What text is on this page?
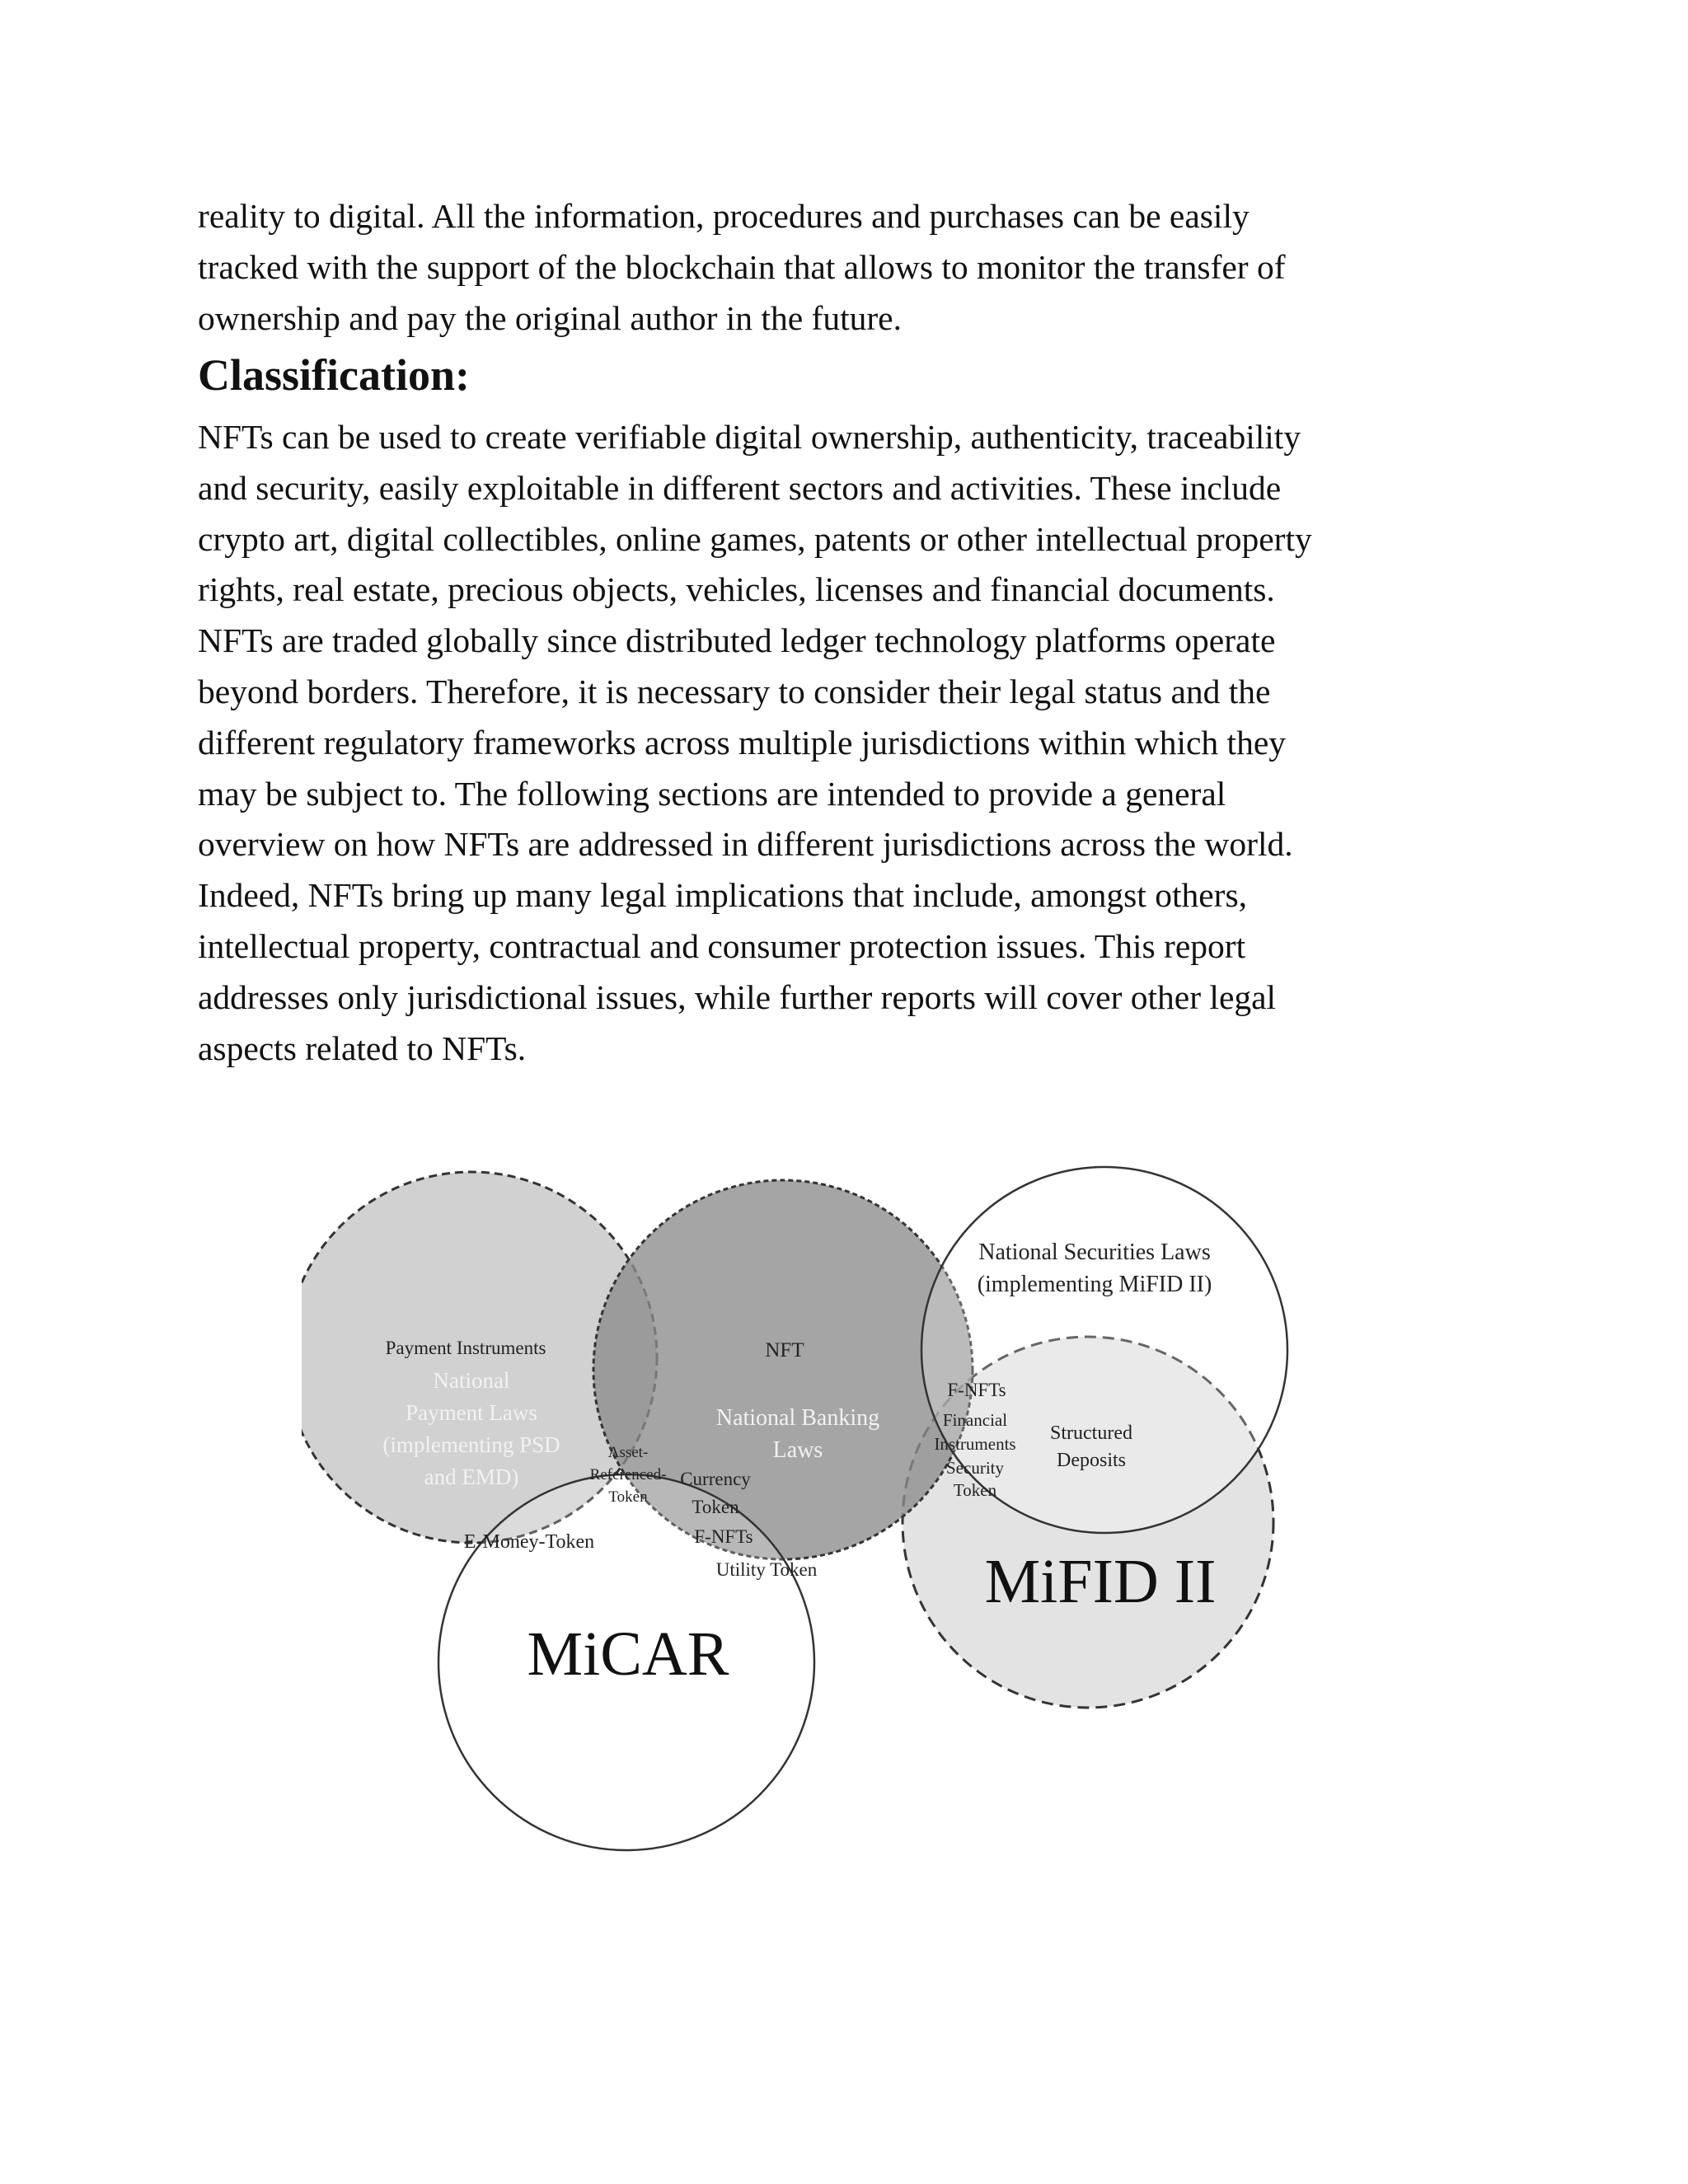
reality to digital. All the information, procedures and purchases can be easily
tracked with the support of the blockchain that allows to monitor the transfer of
ownership and pay the original author in the future.
Classification:
NFTs can be used to create verifiable digital ownership, authenticity, traceability
and security, easily exploitable in different sectors and activities. These include
crypto art, digital collectibles, online games, patents or other intellectual property
rights, real estate, precious objects, vehicles, licenses and financial documents.
NFTs are traded globally since distributed ledger technology platforms operate
beyond borders. Therefore, it is necessary to consider their legal status and the
different regulatory frameworks across multiple jurisdictions within which they
may be subject to. The following sections are intended to provide a general
overview on how NFTs are addressed in different jurisdictions across the world.
Indeed, NFTs bring up many legal implications that include, amongst others,
intellectual property, contractual and consumer protection issues. This report
addresses only jurisdictional issues, while further reports will cover other legal
aspects related to NFTs.
Payment Instruments
National
Payment Laws
(implementing PSD
and EMD)
NFT
National Banking
Laws
National Securities Laws
(implementing MiFID II)
F-NFTs
Financial
Instruments
Security
Token
Structured
Deposits
Asset-
Referenced-
Token
Currency
Token
F-NFTs
Utility Token
E-Money-Token
MiCAR
MiFID II
